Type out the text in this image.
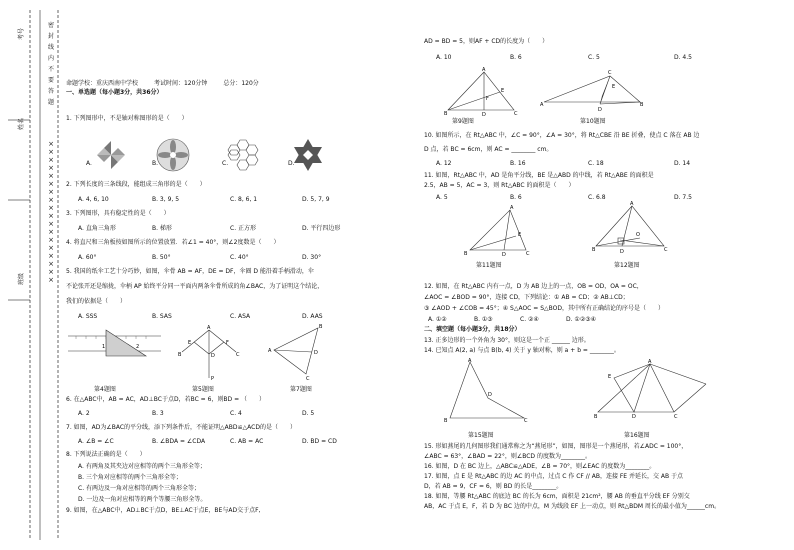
考号
姓名
班级
密封线内不要答题
×
×
×
×
×
×
×
×
×
×
×
×
×
×
×
×
×
×
命题学校：重庆西南中学校	考试时间：120分钟	总分：120分
一、单选题（每小题3分，共36分）
1. 下列图形中，不是轴对称图形的是（　　）
A.	B.	C.	D.
2. 下列长度的三条线段，能组成三角形的是（　　）
A. 4, 6, 10	B. 3, 9, 5	C. 8, 6, 1	D. 5, 7, 9
3. 下列图形，具有稳定性的是（　　）
A. 直角三角形	B. 梯形	C. 正方形	D. 平行四边形
4. 将直尺和三角板按如图所示的位置放置．若∠1 = 40°，则∠2度数是（　　）
A. 60°	B. 50°	C. 40°	D. 30°
5. 我国的纸伞工艺十分巧妙，如图，伞骨 AB = AF，DE = DF，伞圈 D 能沿着手柄滑动，伞
不论张开还是缩拢，伞柄 AP 始终平分同一平面内两条伞骨所成的角∠BAC，为了证明这个结论，
我们的依据是（　　）
A. SSS	B. SAS	C. ASA	D. AAS
1	2
A
B	C
E	F
D
P
A
B
C
D
第4题图	第5题图	第7题图
6. 在△ABC中，AB = AC，AD⊥BC于点D，若BC = 6，则BD = （　　）
A. 2	B. 3	C. 4	D. 5
7. 如图，AD为∠BAC的平分线，添下列条件后，不能证明△ABD≌△ACD的是（　　）
A. ∠B = ∠C	B. ∠BDA = ∠CDA	C. AB = AC	D. BD = CD
8. 下列说法正确的是（　　）
A. 有两角及其夹边对应相等的两个三角形全等；
B. 三个角对应相等的两个三角形全等；
C. 有两边及一角对应相等的两个三角形全等；
D. 一边及一角对应相等的两个等腰三角形全等。
9. 如图，在△ABC中，AD⊥BC于点D，BE⊥AC于点E，BE与AD交于点F,
AD = BD = 5，则AF + CD的长度为（　　）
A. 10	B. 6	C. 5	D. 4.5
A
B	C
D
E
F
A	B
C
D
E
第9题图	第10题图
10. 如图所示，在 Rt△ABC 中，∠C = 90°，∠A = 30°，将 Rt△CBE 沿 BE 折叠，使点 C 落在 AB 边
D 点，若 BC = 6cm，则 AC = ________ cm。
A. 12	B. 16	C. 18	D. 14
11. 如图，Rt△ABC 中，AD 是角平分线，BE 是△ABD 的中线，若 Rt△ABE 的面积是
2.5，AB = 5，AC = 3，则 Rt△ABC 的面积是（　　）
A. 5	B. 6	C. 6.8	D. 7.5
A
B	C
D
E
A
B	C
D
O
第11题图	第12题图
12. 如图，在 Rt△ABC 内有一点，D 为 AB 边上的一点，OB = OD，OA = OC，
∠AOC = ∠BOD = 90°，连接 CD，下列结论：① AB = CD；② AB⊥CD；
③ ∠AOD + ∠COB = 45°；④ S△AOC = S△BOD，其中所有正确结论的序号是（　　）
A. ①②	B. ①③	C. ②④	D. ①②③④
二、填空题（每小题3分，共18分）
13. 正多边形的一个外角为 30°，则这是一个正 ______ 边形。
14. 已知点 A(2, a) 与点 B(b, 4) 关于 y 轴对称，则 a + b = ________。
A
B	C
D
A
B	C
D
E
第15题图	第16题图
15. 形如燕尾的几何图形我们通常称之为“燕尾形”，如图，图形是一个燕尾形，若∠ADC = 100°，
∠ABC = 63°，∠BAD = 22°，则∠BCD 的度数为________。
16. 如图，D 在 BC 边上，△ABC≌△ADE，∠B = 70°，则∠EAC 的度数为________。
17. 如图，点 E 是 Rt△ABC 的边 AC 的中点，过点 C 作 CF // AB，连接 FE 并延长，交 AB 于点
D，若 AB = 9，CF = 6，则 BD 的长是________。
18. 如图，等腰 Rt△ABC 的底边 BC 的长为 6cm，面积是 21cm²，腰 AB 的垂直平分线 EF 分别交
AB，AC 于点 E，F，若 D 为 BC 边的中点，M 为线段 EF 上一动点，则 Rt△BDM 周长的最小值为______cm。
